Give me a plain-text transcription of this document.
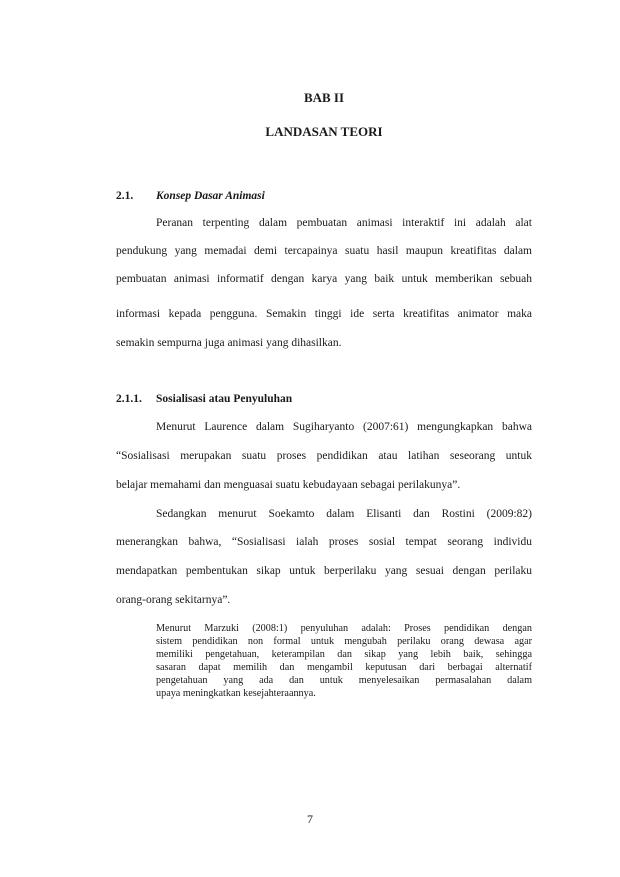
BAB II
LANDASAN TEORI
2.1. Konsep Dasar Animasi
Peranan terpenting dalam pembuatan animasi interaktif ini adalah alat
pendukung yang memadai demi tercapainya suatu hasil maupun kreatifitas dalam
pembuatan animasi informatif dengan karya yang baik untuk memberikan sebuah
informasi kepada pengguna. Semakin tinggi ide serta kreatifitas animator maka
semakin sempurna juga animasi yang dihasilkan.
2.1.1. Sosialisasi atau Penyuluhan
Menurut Laurence dalam Sugiharyanto (2007:61) mengungkapkan bahwa
“Sosialisasi merupakan suatu proses pendidikan atau latihan seseorang untuk
belajar memahami dan menguasai suatu kebudayaan sebagai perilakunya”.
Sedangkan menurut Soekamto dalam Elisanti dan Rostini (2009:82)
menerangkan bahwa, “Sosialisasi ialah proses sosial tempat seorang individu
mendapatkan pembentukan sikap untuk berperilaku yang sesuai dengan perilaku
orang-orang sekitarnya”.
Menurut Marzuki (2008:1) penyuluhan adalah: Proses pendidikan dengan
sistem pendidikan non formal untuk mengubah perilaku orang dewasa agar
memiliki pengetahuan, keterampilan dan sikap yang lebih baik, sehingga
sasaran dapat memilih dan mengambil keputusan dari berbagai alternatif
pengetahuan yang ada dan untuk menyelesaikan permasalahan dalam
upaya meningkatkan kesejahteraannya.
7
